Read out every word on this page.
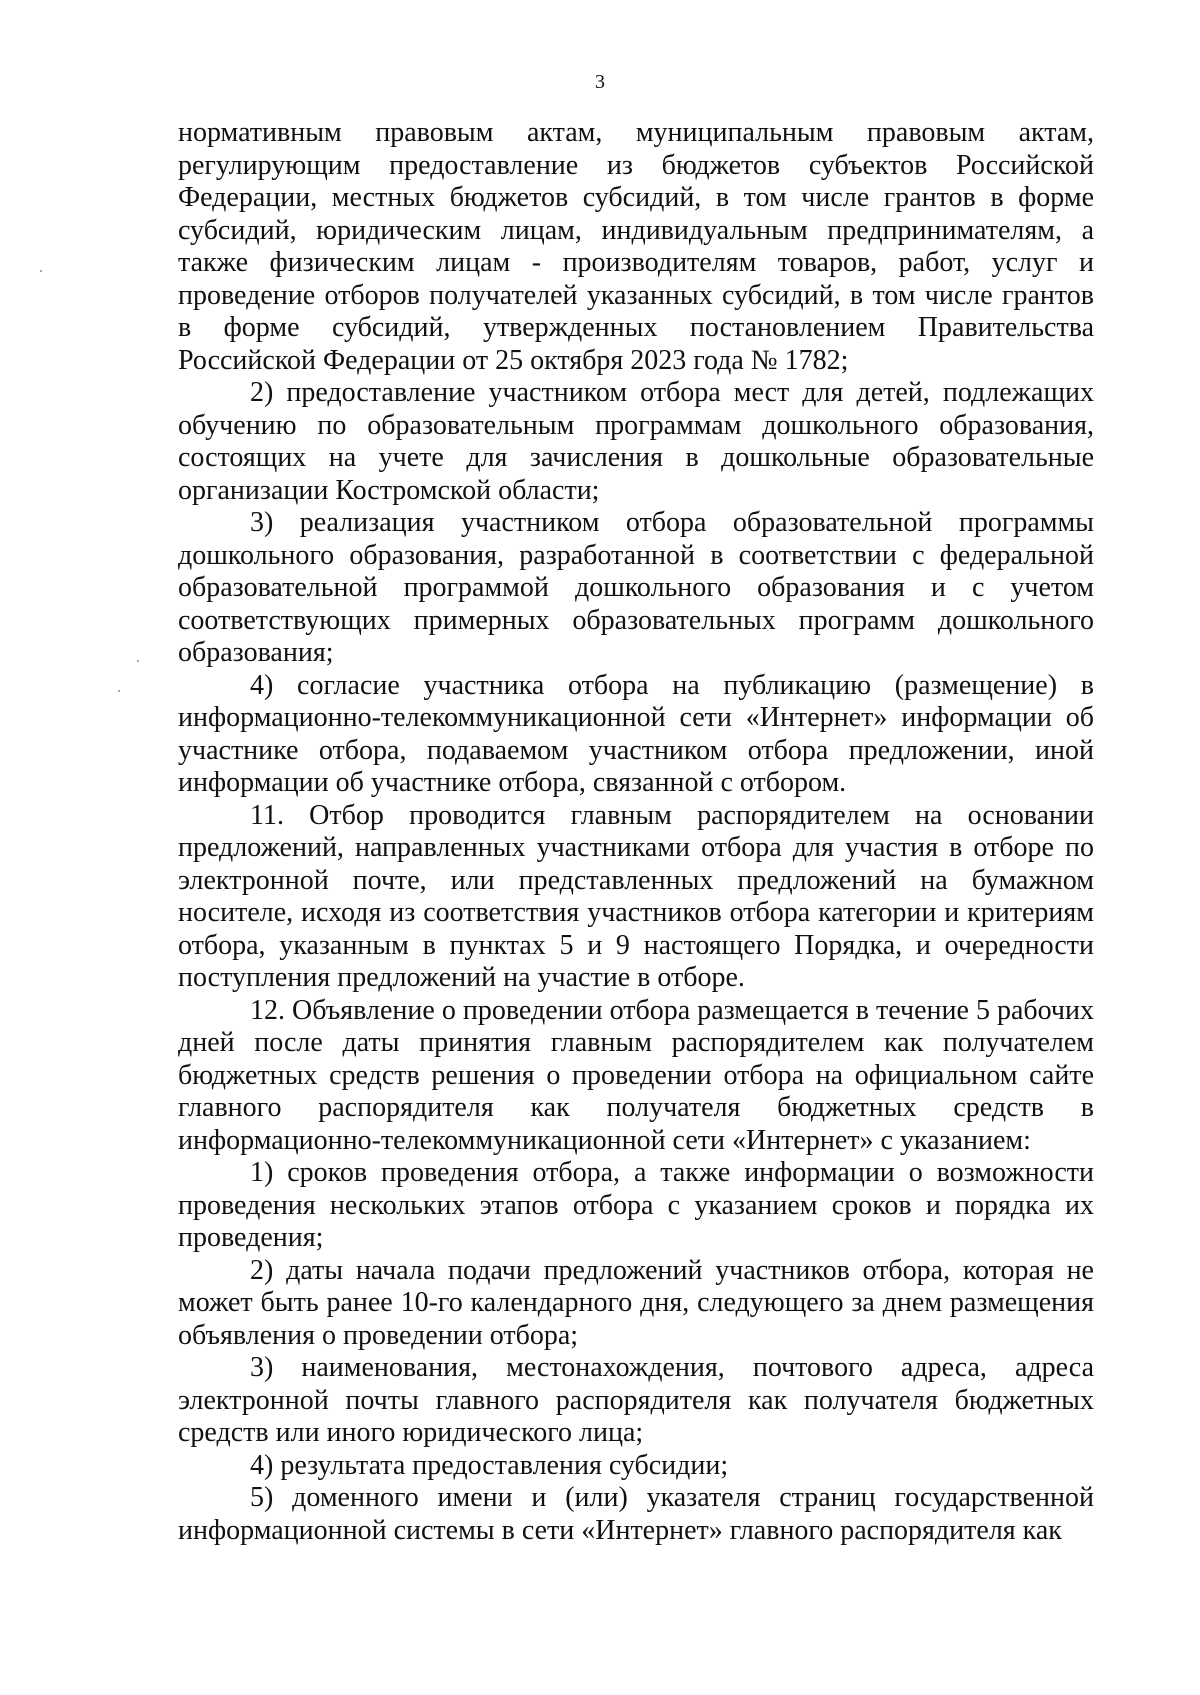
3

нормативным правовым актам, муниципальным правовым актам, регулирующим предоставление из бюджетов субъектов Российской Федерации, местных бюджетов субсидий, в том числе грантов в форме субсидий, юридическим лицам, индивидуальным предпринимателям, а также физическим лицам - производителям товаров, работ, услуг и проведение отборов получателей указанных субсидий, в том числе грантов в форме субсидий, утвержденных постановлением Правительства Российской Федерации от 25 октября 2023 года № 1782;

2) предоставление участником отбора мест для детей, подлежащих обучению по образовательным программам дошкольного образования, состоящих на учете для зачисления в дошкольные образовательные организации Костромской области;

3) реализация участником отбора образовательной программы дошкольного образования, разработанной в соответствии с федеральной образовательной программой дошкольного образования и с учетом соответствующих примерных образовательных программ дошкольного образования;

4) согласие участника отбора на публикацию (размещение) в информационно-телекоммуникационной сети «Интернет» информации об участнике отбора, подаваемом участником отбора предложении, иной информации об участнике отбора, связанной с отбором.

11. Отбор проводится главным распорядителем на основании предложений, направленных участниками отбора для участия в отборе по электронной почте, или представленных предложений на бумажном носителе, исходя из соответствия участников отбора категории и критериям отбора, указанным в пунктах 5 и 9 настоящего Порядка, и очередности поступления предложений на участие в отборе.

12. Объявление о проведении отбора размещается в течение 5 рабочих дней после даты принятия главным распорядителем как получателем бюджетных средств решения о проведении отбора на официальном сайте главного распорядителя как получателя бюджетных средств в информационно-телекоммуникационной сети «Интернет» с указанием:

1) сроков проведения отбора, а также информации о возможности проведения нескольких этапов отбора с указанием сроков и порядка их проведения;

2) даты начала подачи предложений участников отбора, которая не может быть ранее 10-го календарного дня, следующего за днем размещения объявления о проведении отбора;

3) наименования, местонахождения, почтового адреса, адреса электронной почты главного распорядителя как получателя бюджетных средств или иного юридического лица;

4) результата предоставления субсидии;

5) доменного имени и (или) указателя страниц государственной информационной системы в сети «Интернет» главного распорядителя как
